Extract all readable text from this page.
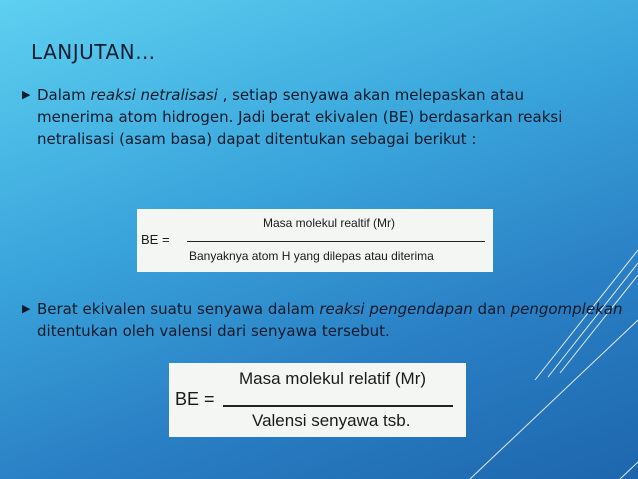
LANJUTAN…
▶ Dalam reaksi netralisasi , setiap senyawa akan melepaskan atau menerima atom hidrogen. Jadi berat ekivalen (BE) berdasarkan reaksi netralisasi (asam basa) dapat ditentukan sebagai berikut :
BE =
Masa molekul realtif (Mr)
Banyaknya atom H yang dilepas atau diterima
▶ Berat ekivalen suatu senyawa dalam reaksi pengendapan dan pengomplekan ditentukan oleh valensi dari senyawa tersebut.
BE =
Masa molekul relatif (Mr)
Valensi senyawa tsb.
